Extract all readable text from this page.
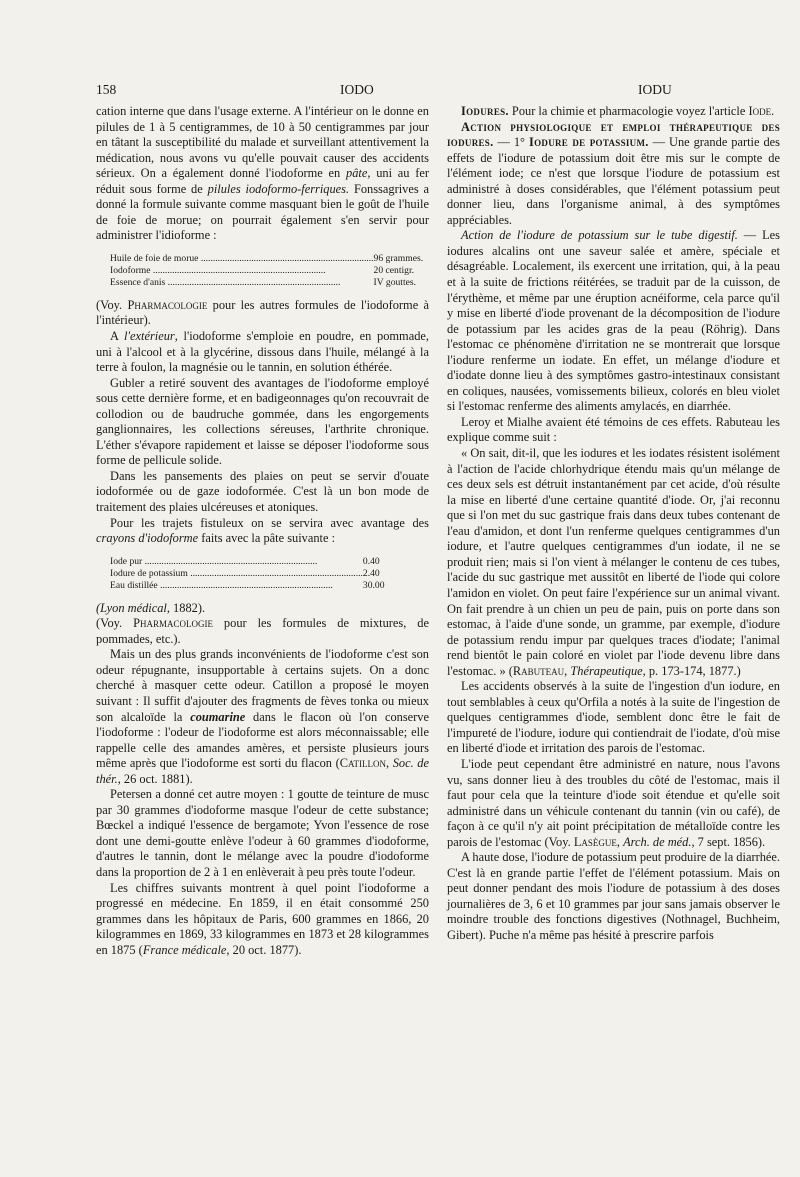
158	IODO	IODU

cation interne que dans l'usage externe. A l'intérieur on le donne en pilules de 1 à 5 centigrammes, de 10 à 50 centigrammes par jour en tâtant la susceptibilité du malade et surveillant attentivement la médication, nous avons vu qu'elle pouvait causer des accidents sérieux. On a également donné l'iodoforme en pâte, uni au fer réduit sous forme de pilules iodoformo-ferriques. Fonssagrives a donné la formule suivante comme masquant bien le goût de l'huile de foie de morue; on pourrait également s'en servir pour administrer l'idioforme :

Huile de foie de morue .....	96 grammes.
Iodoforme .....	20 centigr.
Essence d'anis .....	IV gouttes.

(Voy. Pharmacologie pour les autres formules de l'iodoforme à l'intérieur).

A l'extérieur, l'iodoforme s'emploie en poudre, en pommade, uni à l'alcool et à la glycérine, dissous dans l'huile, mélangé à la terre à foulon, la magnésie ou le tannin, en solution éthérée.

Gubler a retiré souvent des avantages de l'iodoforme employé sous cette dernière forme, et en badigeonnages qu'on recouvrait de collodion ou de baudruche gommée, dans les engorgements ganglionnaires, les collections séreuses, l'arthrite chronique. L'éther s'évapore rapidement et laisse se déposer l'iodoforme sous forme de pellicule solide.

Dans les pansements des plaies on peut se servir d'ouate iodoformée ou de gaze iodoformée. C'est là un bon mode de traitement des plaies ulcéreuses et atoniques.

Pour les trajets fistuleux on se servira avec avantage des crayons d'iodoforme faits avec la pâte suivante :

Iode pur .....	0.40
Iodure de potassium .....	2.40
Eau distillée .....	30.00

(Lyon médical, 1882).

(Voy. Pharmacologie pour les formules de mixtures, de pommades, etc.).

Mais un des plus grands inconvénients de l'iodoforme c'est son odeur répugnante, insupportable à certains sujets. On a donc cherché à masquer cette odeur. Catillon a proposé le moyen suivant : Il suffit d'ajouter des fragments de fèves tonka ou mieux son alcaloïde la coumarine dans le flacon où l'on conserve l'iodoforme : l'odeur de l'iodoforme est alors méconnaissable; elle rappelle celle des amandes amères, et persiste plusieurs jours même après que l'iodoforme est sorti du flacon (Catillon, Soc. de thér., 26 oct. 1881).

Petersen a donné cet autre moyen : 1 goutte de teinture de musc par 30 grammes d'iodoforme masque l'odeur de cette substance; Bœckel a indiqué l'essence de bergamote; Yvon l'essence de rose dont une demi-goutte enlève l'odeur à 60 grammes d'iodoforme, d'autres le tannin, dont le mélange avec la poudre d'iodoforme dans la proportion de 2 à 1 en enlèverait à peu près toute l'odeur.

Les chiffres suivants montrent à quel point l'iodoforme a progressé en médecine. En 1859, il en était consommé 250 grammes dans les hôpitaux de Paris, 600 grammes en 1866, 20 kilogrammes en 1869, 33 kilogrammes en 1873 et 28 kilogrammes en 1875 (France médicale, 20 oct. 1877).

Iodures. Pour la chimie et pharmacologie voyez l'article Iode.

Action physiologique et emploi thérapeutique des iodures. — 1° Iodure de potassium. — Une grande partie des effets de l'iodure de potassium doit être mis sur le compte de l'élément iode; ce n'est que lorsque l'iodure de potassium est administré à doses considérables, que l'élément potassium peut donner lieu, dans l'organisme animal, à des symptômes appréciables.

Action de l'iodure de potassium sur le tube digestif. — Les iodures alcalins ont une saveur salée et amère, spéciale et désagréable. Localement, ils exercent une irritation, qui, à la peau et à la suite de frictions réitérées, se traduit par de la cuisson, de l'érythème, et même par une éruption acnéiforme, cela parce qu'il y mise en liberté d'iode provenant de la décomposition de l'iodure de potassium par les acides gras de la peau (Röhrig). Dans l'estomac ce phénomène d'irritation ne se montrerait que lorsque l'iodure renferme un iodate. En effet, un mélange d'iodure et d'iodate donne lieu à des symptômes gastro-intestinaux consistant en coliques, nausées, vomissements bilieux, colorés en bleu violet si l'estomac renferme des aliments amylacés, en diarrhée.

Leroy et Mialhe avaient été témoins de ces effets. Rabuteau les explique comme suit :

« On sait, dit-il, que les iodures et les iodates résistent isolément à l'action de l'acide chlorhydrique étendu mais qu'un mélange de ces deux sels est détruit instantanément par cet acide, d'où résulte la mise en liberté d'une certaine quantité d'iode. Or, j'ai reconnu que si l'on met du suc gastrique frais dans deux tubes contenant de l'eau d'amidon, et dont l'un renferme quelques centigrammes d'un iodure, et l'autre quelques centigrammes d'un iodate, il ne se produit rien; mais si l'on vient à mélanger le contenu de ces tubes, l'acide du suc gastrique met aussitôt en liberté de l'iode qui colore l'amidon en violet. On peut faire l'expérience sur un animal vivant. On fait prendre à un chien un peu de pain, puis on porte dans son estomac, à l'aide d'une sonde, un gramme, par exemple, d'iodure de potassium rendu impur par quelques traces d'iodate; l'animal rend bientôt le pain coloré en violet par l'iode devenu libre dans l'estomac. » (Rabuteau, Thérapeutique, p. 173-174, 1877.)

Les accidents observés à la suite de l'ingestion d'un iodure, en tout semblables à ceux qu'Orfila a notés à la suite de l'ingestion de quelques centigrammes d'iode, semblent donc être le fait de l'impureté de l'iodure, iodure qui contiendrait de l'iodate, d'où mise en liberté d'iode et irritation des parois de l'estomac.

L'iode peut cependant être administré en nature, nous l'avons vu, sans donner lieu à des troubles du côté de l'estomac, mais il faut pour cela que la teinture d'iode soit étendue et qu'elle soit administré dans un véhicule contenant du tannin (vin ou café), de façon à ce qu'il n'y ait point précipitation de métalloïde contre les parois de l'estomac (Voy. Lasègue, Arch. de méd., 7 sept. 1856).

A haute dose, l'iodure de potassium peut produire de la diarrhée. C'est là en grande partie l'effet de l'élément potassium. Mais on peut donner pendant des mois l'iodure de potassium à des doses journalières de 3, 6 et 10 grammes par jour sans jamais observer le moindre trouble des fonctions digestives (Nothnagel, Buchheim, Gibert). Puche n'a même pas hésité à prescrire parfois
